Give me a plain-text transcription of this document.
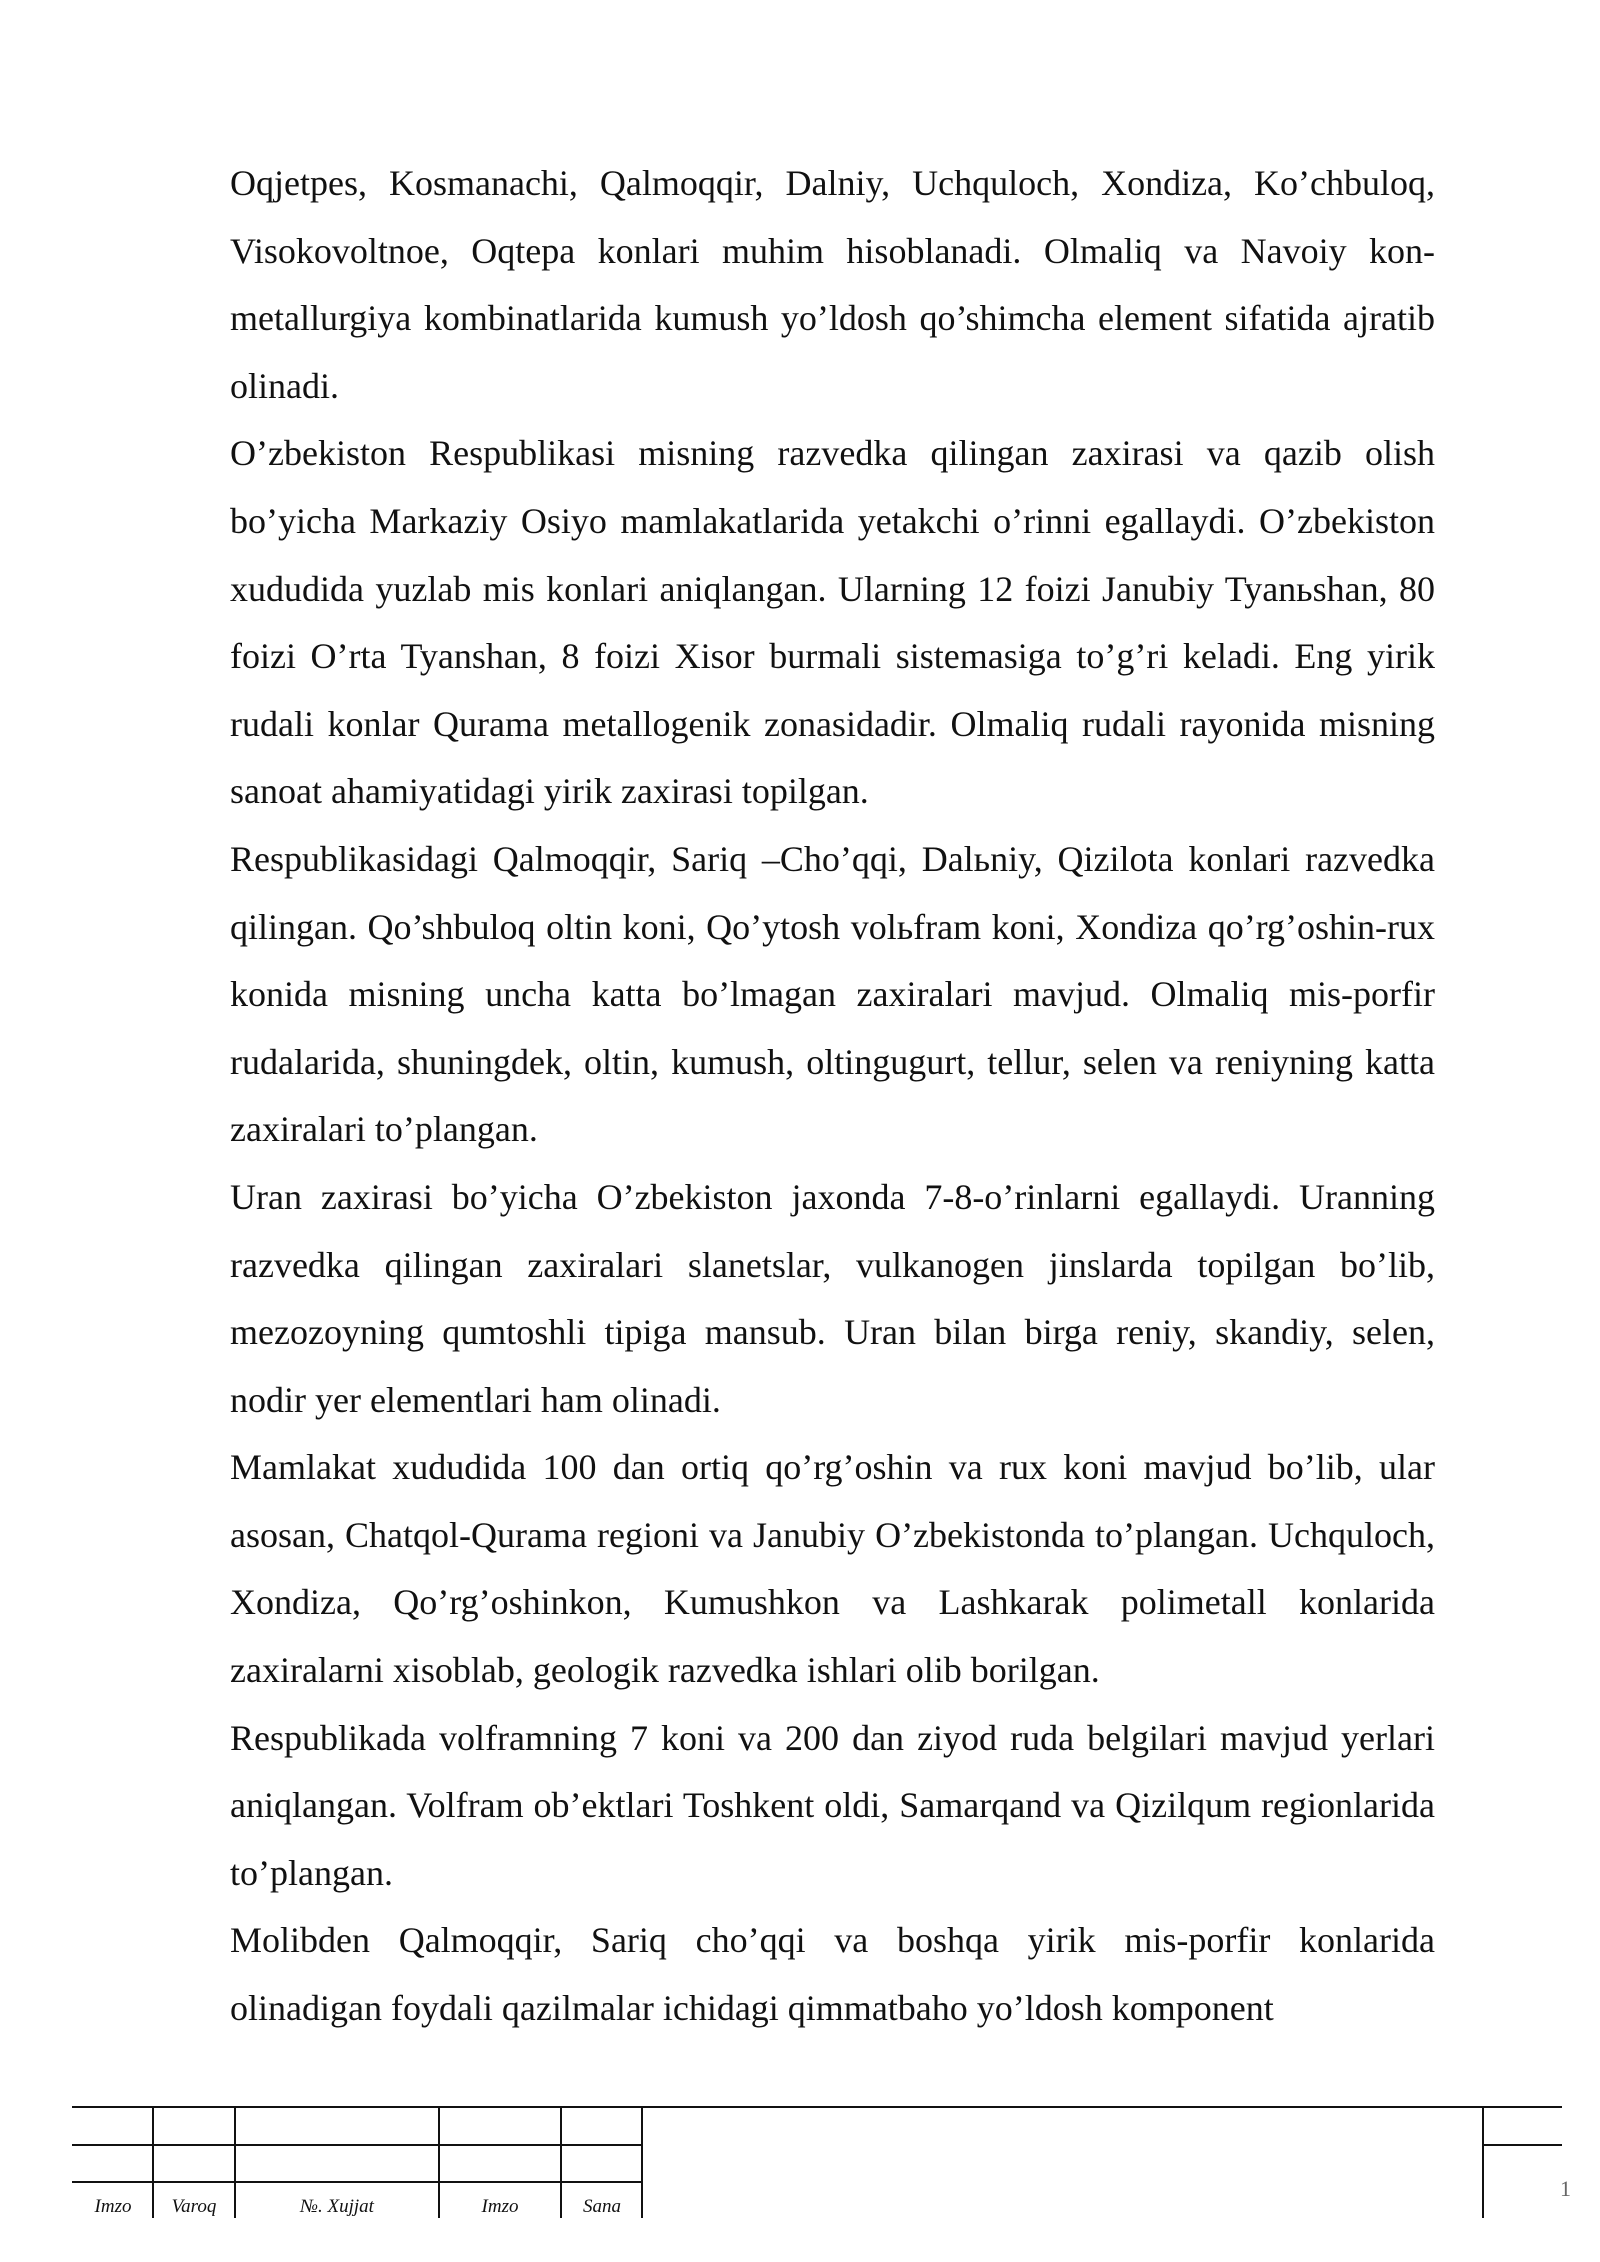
Oqjetpes, Kosmanachi, Qalmoqqir, Dalniy, Uchquloch, Xondiza, Ko’chbuloq, Visokovoltnoe, Oqtepa konlari muhim hisoblanadi. Olmaliq va Navoiy kon-metallurgiya kombinatlarida kumush yo’ldosh qo’shimcha element sifatida ajratib olinadi.

O’zbekiston Respublikasi misning razvedka qilingan zaxirasi va qazib olish bo’yicha Markaziy Osiyo mamlakatlarida yetakchi o’rinni egallaydi. O’zbekiston xududida yuzlab mis konlari aniqlangan. Ularning 12 foizi Janubiy Tyanьshan, 80 foizi O’rta Tyanshan, 8 foizi Xisor burmali sistemasiga to’g’ri keladi. Eng yirik rudali konlar Qurama metallogenik zonasidadir. Olmaliq rudali rayonida misning sanoat ahamiyatidagi yirik zaxirasi topilgan.

Respublikasidagi Qalmoqqir, Sariq –Cho’qqi, Dalьniy, Qizilota konlari razvedka qilingan. Qo’shbuloq oltin koni, Qo’ytosh volьfram koni, Xondiza qo’rg’oshin-rux konida misning uncha katta bo’lmagan zaxiralari mavjud. Olmaliq mis-porfir rudalarida, shuningdek, oltin, kumush, oltingugurt, tellur, selen va reniyning katta zaxiralari to’plangan.

Uran zaxirasi bo’yicha O’zbekiston jaxonda 7-8-o’rinlarni egallaydi. Uranning razvedka qilingan zaxiralari slanetslar, vulkanogen jinslarda topilgan bo’lib, mezozoyning qumtoshli tipiga mansub. Uran bilan birga reniy, skandiy, selen, nodir yer elementlari ham olinadi.

Mamlakat xududida 100 dan ortiq qo’rg’oshin va rux koni mavjud bo’lib, ular asosan, Chatqol-Qurama regioni va Janubiy O’zbekistonda to’plangan. Uchquloch, Xondiza, Qo’rg’oshinkon, Kumushkon va Lashkarak polimetall konlarida zaxiralarni xisoblab, geologik razvedka ishlari olib borilgan.

Respublikada volframning 7 koni va 200 dan ziyod ruda belgilari mavjud yerlari aniqlangan. Volfram ob’ektlari Toshkent oldi, Samarqand va Qizilqum regionlarida to’plangan.

Molibden Qalmoqqir, Sariq cho’qqi va boshqa yirik mis-porfir konlarida olinadigan foydali qazilmalar ichidagi qimmatbaho yo’ldosh komponent

Imzo	Varoq	№. Xujjat	Imzo	Sana
1
